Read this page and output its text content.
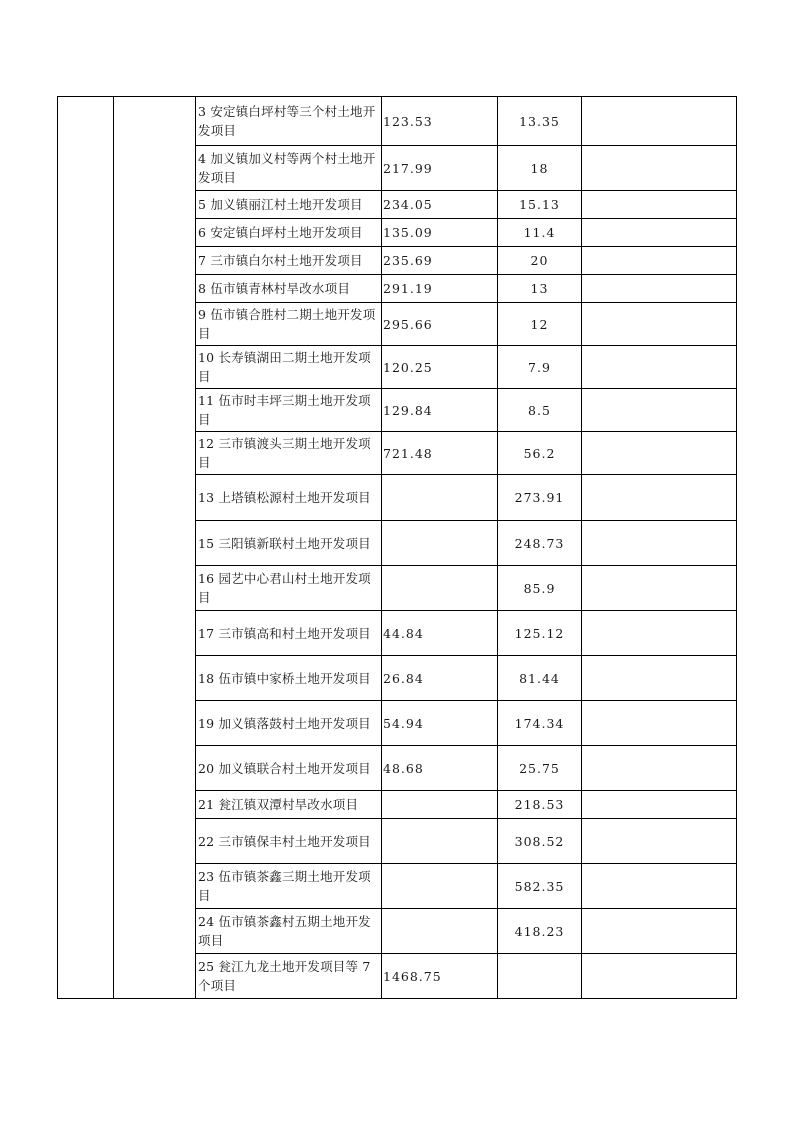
		3 安定镇白坪村等三个村土地开发项目	123.53	13.35	
		4 加义镇加义村等两个村土地开发项目	217.99	18	
		5 加义镇丽江村土地开发项目	234.05	15.13	
		6 安定镇白坪村土地开发项目	135.09	11.4	
		7 三市镇白尔村土地开发项目	235.69	20	
		8 伍市镇青林村旱改水项目	291.19	13	
		9 伍市镇合胜村二期土地开发项目	295.66	12	
		10 长寿镇湖田二期土地开发项目	120.25	7.9	
		11 伍市时丰坪三期土地开发项目	129.84	8.5	
		12 三市镇渡头三期土地开发项目	721.48	56.2	
		13 上塔镇松源村土地开发项目		273.91	
		15 三阳镇新联村土地开发项目		248.73	
		16 园艺中心君山村土地开发项目		85.9	
		17 三市镇高和村土地开发项目	44.84	125.12	
		18 伍市镇中家桥土地开发项目	26.84	81.44	
		19 加义镇落鼓村土地开发项目	54.94	174.34	
		20 加义镇联合村土地开发项目	48.68	25.75	
		21 瓮江镇双潭村旱改水项目		218.53	
		22 三市镇保丰村土地开发项目		308.52	
		23 伍市镇茶鑫三期土地开发项目		582.35	
		24 伍市镇茶鑫村五期土地开发项目		418.23	
		25 瓮江九龙土地开发项目等 7 个项目	1468.75		
